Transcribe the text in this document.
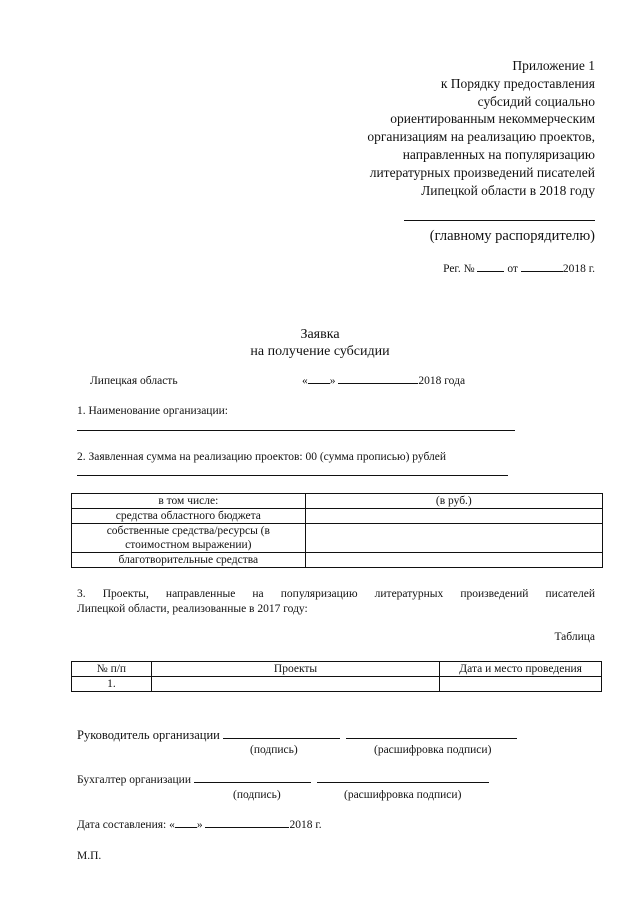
Приложение 1
к Порядку предоставления
субсидий социально
ориентированным некоммерческим
организациям на реализацию проектов,
направленных на популяризацию
литературных произведений писателей
Липецкой области в 2018 году
(главному распорядителю)
Рег. №	от	2018 г.
Заявка
на получение субсидии
Липецкая область	« »	2018 года
1. Наименование организации:
2. Заявленная сумма на реализацию проектов: 00 (сумма прописью) рублей
в том числе:	(в руб.)
средства областного бюджета	
собственные средства/ресурсы (в стоимостном выражении)	
благотворительные средства	
3. Проекты, направленные на популяризацию литературных произведений писателей
Липецкой области, реализованные в 2017 году:
Таблица
№ п/п	Проекты	Дата и место проведения
1.		
Руководитель организации
(подпись)	(расшифровка подписи)
Бухгалтер организации
(подпись)	(расшифровка подписи)
Дата составления: « »	2018 г.
М.П.
